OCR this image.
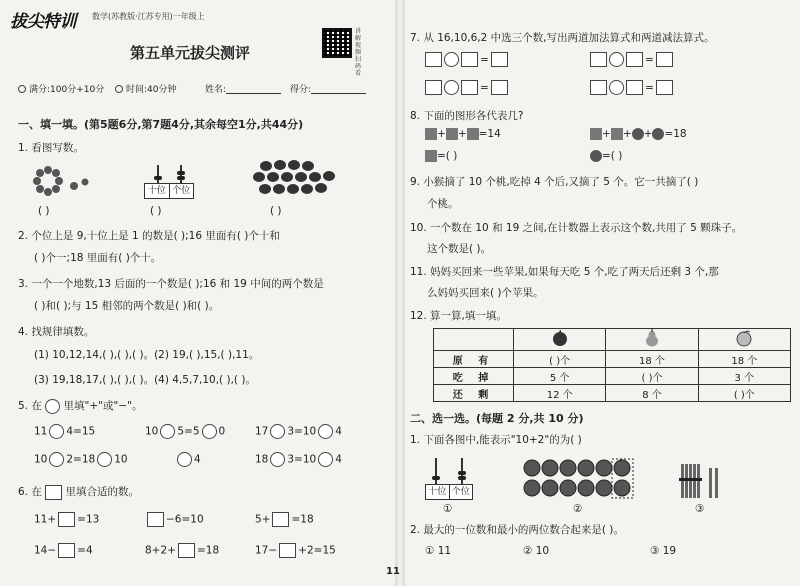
拔尖特训 数学(苏教版·江苏专用)一年级上
第五单元拔尖测评
讲解视频扫码看
满分:100分+10分 时间:40分钟	姓名:	得分:
一、填一填。(第5题6分,第7题4分,其余每空1分,共44分)
1. 看图写数。
( )
十位 个位
( )	( )
2. 个位上是 9,十位上是 1 的数是( );16 里面有( )个十和
( )个一;18 里面有( )个十。
3. 一个一个地数,13 后面的一个数是( );16 和 19 中间的两个数是
( )和( );与 15 相邻的两个数是( )和( )。
4. 找规律填数。
(1) 10,12,14,( ),( ),( )。(2) 19,( ),15,( ),11。
(3) 19,18,17,( ),( ),( )。(4) 4,5,7,10,( ),( )。
5. 在 里填"+"或"−"。
11 4=15	10 5=5 0	17 3=10 4
10 2=18 10	4	18 3=10 4
6. 在 里填合适的数。
11+ =13	−6=10	5+ =18
14− =4	8+2+ =18	17− +2=15
7. 从 16,10,6,2 中选三个数,写出两道加法算式和两道减法算式。
=	=
=	=
8. 下面的图形各代表几?
+ + =14	+ + + =18
=( )	=( )
9. 小猴摘了 10 个桃,吃掉 4 个后,又摘了 5 个。它一共摘了( )
个桃。
10. 一个数在 10 和 19 之间,在计数器上表示这个数,共用了 5 颗珠子。
这个数是( )。
11. 妈妈买回来一些苹果,如果每天吃 5 个,吃了两天后还剩 3 个,那
么妈妈买回来( )个苹果。
12. 算一算,填一填。

原 有	( )个	18 个	18 个
吃 掉	5 个	( )个	3 个
还 剩	12 个	8 个	( )个
二、选一选。(每题 2 分,共 10 分)
1. 下面各图中,能表示"10+2"的为( )
十位 个位
①	②	③
2. 最大的一位数和最小的两位数合起来是( )。
① 11	② 10	③ 19
11
